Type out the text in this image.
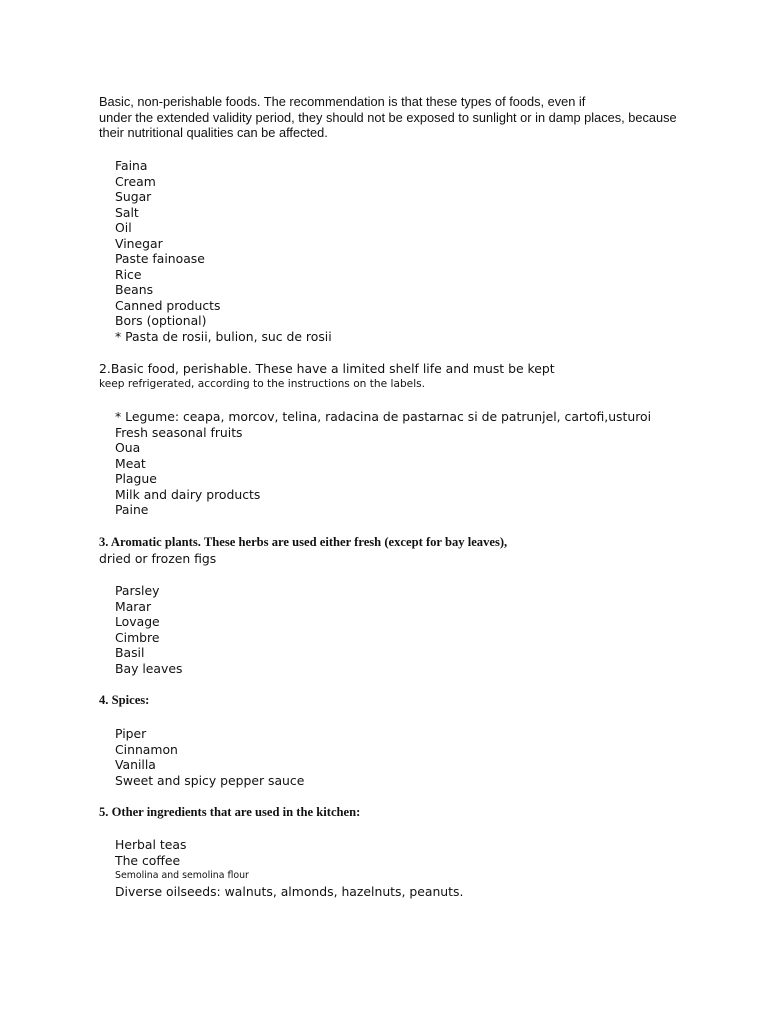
Basic, non-perishable foods. The recommendation is that these types of foods, even if
under the extended validity period, they should not be exposed to sunlight or in damp places, because
their nutritional qualities can be affected.
Faina
Cream
Sugar
Salt
Oil
Vinegar
Paste fainoase
Rice
Beans
Canned products
Bors (optional)
* Pasta de rosii, bulion, suc de rosii
2.Basic food, perishable. These have a limited shelf life and must be kept
keep refrigerated, according to the instructions on the labels.
* Legume: ceapa, morcov, telina, radacina de pastarnac si de patrunjel, cartofi,usturoi
Fresh seasonal fruits
Oua
Meat
Plague
Milk and dairy products
Paine
3. Aromatic plants. These herbs are used either fresh (except for bay leaves),
dried or frozen figs
Parsley
Marar
Lovage
Cimbre
Basil
Bay leaves
4. Spices:
Piper
Cinnamon
Vanilla
Sweet and spicy pepper sauce
5. Other ingredients that are used in the kitchen:
Herbal teas
The coffee
Semolina and semolina flour
Diverse oilseeds: walnuts, almonds, hazelnuts, peanuts.
